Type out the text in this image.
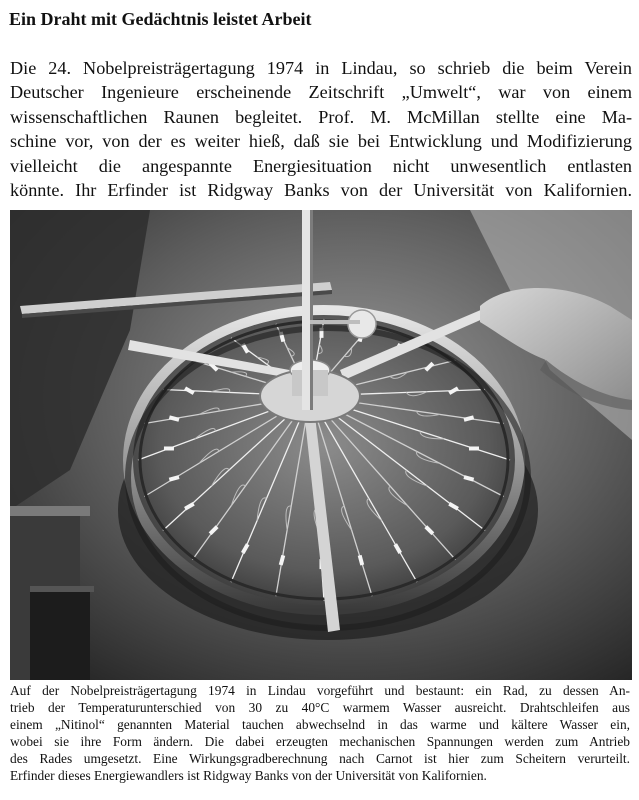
Ein Draht mit Gedächtnis leistet Arbeit
Die 24. Nobelpreisträgertagung 1974 in Lindau, so schrieb die beim Verein
Deutscher Ingenieure erscheinende Zeitschrift „Umwelt“, war von einem
wissenschaftlichen Raunen begleitet. Prof. M. McMillan stellte eine Ma-
schine vor, von der es weiter hieß, daß sie bei Entwicklung und Modifizierung
vielleicht die angespannte Energiesituation nicht unwesentlich entlasten
könnte. Ihr Erfinder ist Ridgway Banks von der Universität von Kalifornien.
Auf der Nobelpreisträgertagung 1974 in Lindau vorgeführt und bestaunt: ein Rad, zu dessen An-
trieb der Temperaturunterschied von 30 zu 40°C warmem Wasser ausreicht. Drahtschleifen aus
einem „Nitinol“ genannten Material tauchen abwechselnd in das warme und kältere Wasser ein,
wobei sie ihre Form ändern. Die dabei erzeugten mechanischen Spannungen werden zum Antrieb
des Rades umgesetzt. Eine Wirkungsgradberechnung nach Carnot ist hier zum Scheitern verurteilt.
Erfinder dieses Energiewandlers ist Ridgway Banks von der Universität von Kalifornien.
